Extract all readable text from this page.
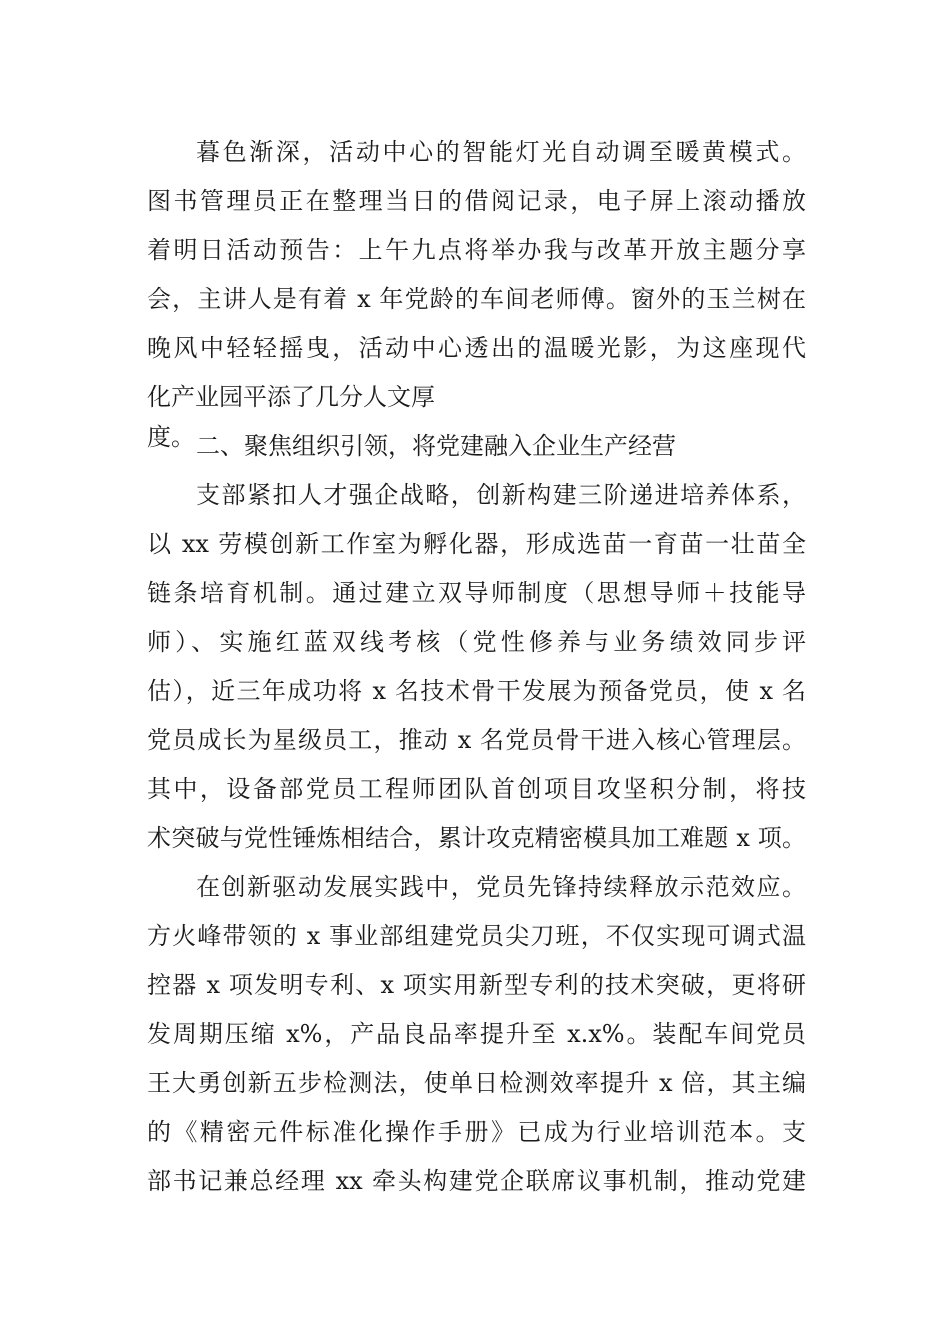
暮色渐深，活动中心的智能灯光自动调至暖黄模式。
图书管理员正在整理当日的借阅记录，电子屏上滚动播放
着明日活动预告：上午九点将举办我与改革开放主题分享
会，主讲人是有着 x 年党龄的车间老师傅。窗外的玉兰树在
晚风中轻轻摇曳，活动中心透出的温暖光影，为这座现代
化产业园平添了几分人文厚度。 二、聚焦组织引领，将党建融入企业生产经营
支部紧扣人才强企战略，创新构建三阶递进培养体系，
以 xx 劳模创新工作室为孵化器，形成选苗一育苗一壮苗全
链条培育机制。通过建立双导师制度（思想导师＋技能导
师）、实施红蓝双线考核（党性修养与业务绩效同步评
估），近三年成功将 x 名技术骨干发展为预备党员，使 x 名
党员成长为星级员工，推动 x 名党员骨干进入核心管理层。
其中，设备部党员工程师团队首创项目攻坚积分制，将技
术突破与党性锤炼相结合，累计攻克精密模具加工难题 x 项。
在创新驱动发展实践中，党员先锋持续释放示范效应。
方火峰带领的 x 事业部组建党员尖刀班，不仅实现可调式温
控器 x 项发明专利、x 项实用新型专利的技术突破，更将研
发周期压缩 x%，产品良品率提升至 x.x%。装配车间党员
王大勇创新五步检测法，使单日检测效率提升 x 倍，其主编
的《精密元件标准化操作手册》已成为行业培训范本。支
部书记兼总经理 xx 牵头构建党企联席议事机制，推动党建
